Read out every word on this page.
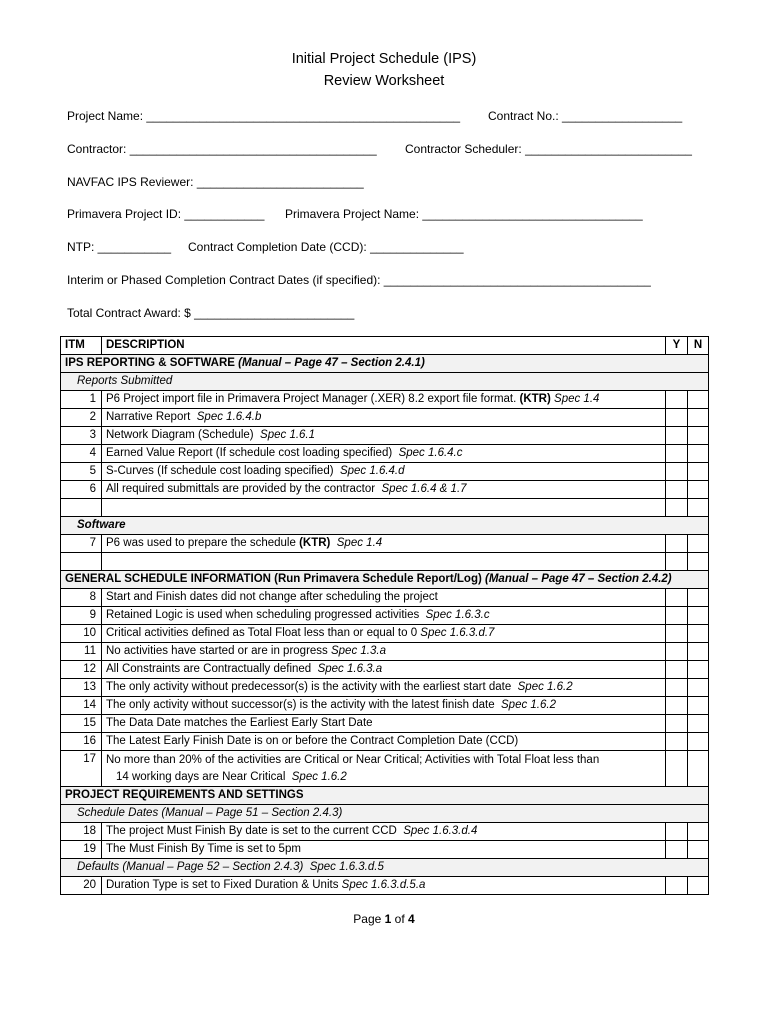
Initial Project Schedule (IPS)
Review Worksheet
Project Name: _______________________________________________ Contract No.: __________________
Contractor: _____________________________________ Contractor Scheduler: _________________________
NAVFAC IPS Reviewer: _________________________
Primavera Project ID: ____________ Primavera Project Name: _________________________________
NTP: ___________ Contract Completion Date (CCD): ______________
Interim or Phased Completion Contract Dates (if specified): ________________________________________
Total Contract Award: $ ________________________
ITM	DESCRIPTION	Y	N
IPS REPORTING & SOFTWARE (Manual – Page 47 – Section 2.4.1)			
Reports Submitted			
1	P6 Project import file in Primavera Project Manager (.XER) 8.2 export file format. (KTR) Spec 1.4		
2	Narrative Report  Spec 1.6.4.b		
3	Network Diagram (Schedule)  Spec 1.6.1		
4	Earned Value Report (If schedule cost loading specified)  Spec 1.6.4.c		
5	S-Curves (If schedule cost loading specified)  Spec 1.6.4.d		
6	All required submittals are provided by the contractor  Spec 1.6.4 & 1.7		

Software			
7	P6 was used to prepare the schedule (KTR)  Spec 1.4		

GENERAL SCHEDULE INFORMATION (Run Primavera Schedule Report/Log) (Manual – Page 47 – Section 2.4.2)			
8	Start and Finish dates did not change after scheduling the project		
9	Retained Logic is used when scheduling progressed activities  Spec 1.6.3.c		
10	Critical activities defined as Total Float less than or equal to 0 Spec 1.6.3.d.7		
11	No activities have started or are in progress Spec 1.3.a		
12	All Constraints are Contractually defined  Spec 1.6.3.a		
13	The only activity without predecessor(s) is the activity with the earliest start date  Spec 1.6.2		
14	The only activity without successor(s) is the activity with the latest finish date  Spec 1.6.2		
15	The Data Date matches the Earliest Early Start Date		
16	The Latest Early Finish Date is on or before the Contract Completion Date (CCD)		
17	No more than 20% of the activities are Critical or Near Critical; Activities with Total Float less than
14 working days are Near Critical  Spec 1.6.2		

PROJECT REQUIREMENTS AND SETTINGS			
Schedule Dates (Manual – Page 51 – Section 2.4.3)			
18	The project Must Finish By date is set to the current CCD  Spec 1.6.3.d.4		
19	The Must Finish By Time is set to 5pm		
Defaults (Manual – Page 52 – Section 2.4.3)  Spec 1.6.3.d.5			
20	Duration Type is set to Fixed Duration & Units Spec 1.6.3.d.5.a		
Page 1 of 4
